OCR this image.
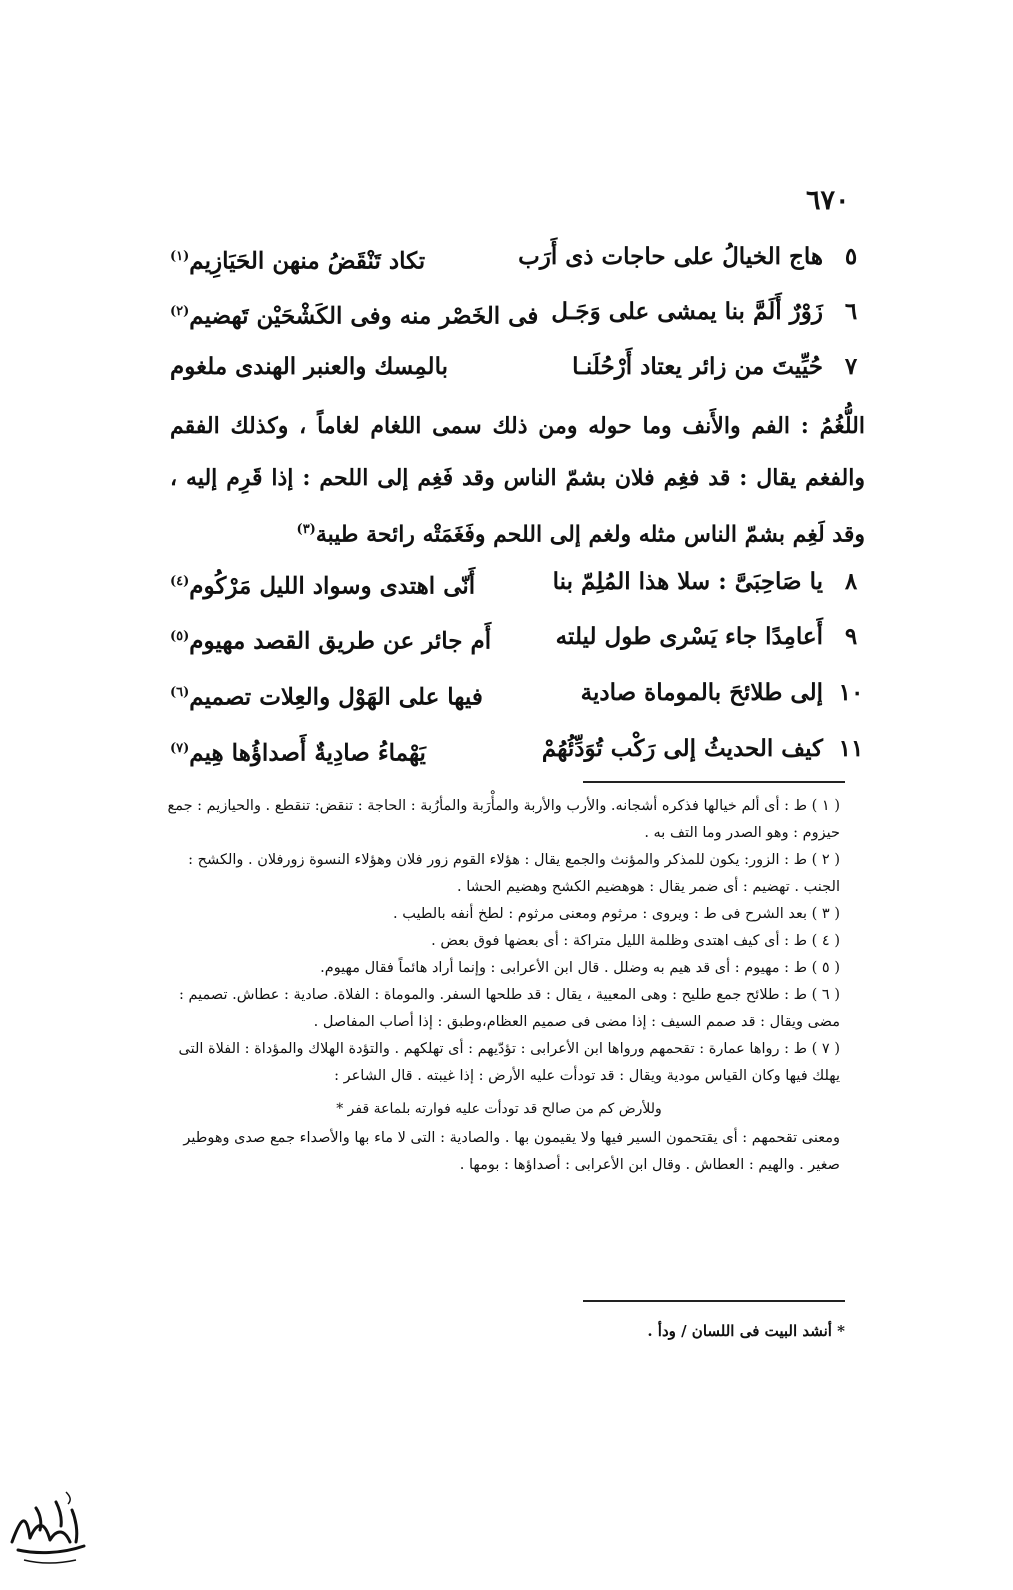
٦٧٠
٥
هاج الخيالُ على حاجات ذى أَرَب
تكاد تَنْقَضُ منهن الحَيَازِيم$^{(١)}$
٦
زَوْرٌ أَلَمَّ بنا يمشى على وَجَـل
فى الخَصْر منه وفى الكَشْحَيْن تَهضيم$^{(٢)}$
٧
حُيِّيتَ من زائر يعتاد أَرْحُلَنـا
بالمِسك والعنبر الهندى ملغوم
اللُّغُمُ : الفم والأَنف وما حوله ومن ذلك سمى اللغام لغاماً ، وكذلك الفقم والفغم يقال : قد فغِم فلان بشمّ الناس وقد فَغِم إلى اللحم : إذا قَرِم إليه ، وقد لَغِم بشمّ الناس مثله ولغم إلى اللحم وفَغَمَتْه رائحة طيبة$^{(٣)}$
٨
يا صَاحِبَىَّ : سلا هذا المُلِمّ بنا
أَنّى اهتدى وسواد الليل مَرْكُوم$^{(٤)}$
٩
أَعامِدًا جاء يَسْرى طول ليلته
أَم جائر عن طريق القصد مهيوم$^{(٥)}$
١٠
إلى طلائحَ بالموماة صادية
فيها على الهَوْل والعِلات تصميم$^{(٦)}$
١١
كيف الحديثُ إلى رَكْب تُوَدِّئُهُمْ
يَهْماءُ صادِيةٌ أَصداؤُها هِيم$^{(٧)}$

( ١ ) ط : أى ألم خيالها فذكره أشجانه. والأرب والأربة والمأْرَبة والمأرُبة : الحاجة : تنقض: تنقطع . والحيازيم : جمع حيزوم : وهو الصدر وما التف به .

( ٢ ) ط : الزور: يكون للمذكر والمؤنث والجمع يقال : هؤلاء القوم زور فلان وهؤلاء النسوة زورفلان . والكشح : الجنب . تهضيم : أى ضمر يقال : هوهضيم الكشح وهضيم الحشا .

( ٣ ) بعد الشرح فى ط : ويروى : مرثوم ومعنى مرثوم : لطخ أنفه بالطيب .

( ٤ ) ط : أى كيف اهتدى وظلمة الليل متراكة : أى بعضها فوق بعض .

( ٥ ) ط : مهيوم : أى قد هيم به وضلل . قال ابن الأعرابى : وإنما أراد هائماً فقال مهيوم.

( ٦ ) ط : طلائح جمع طليح : وهى المعيية ، يقال : قد طلحها السفر. والموماة : الفلاة. صادية : عطاش. تصميم : مضى ويقال : قد صمم السيف : إذا مضى فى صميم العظام،وطبق : إذا أصاب المفاصل .

( ٧ ) ط : رواها عمارة : تقحمهم ورواها ابن الأعرابى : تؤدّيهم : أى تهلكهم . والتؤدة الهلاك والمؤداة : الفلاة التى يهلك فيها وكان القياس مودية ويقال : قد تودأت عليه الأرض : إذا غيبته . قال الشاعر :

وللأرض كم من صالح قد تودأت عليه فوارته بلماعة قفر *

ومعنى تقحمهم : أى يقتحمون السير فيها ولا يقيمون بها . والصادية : التى لا ماء بها والأصداء جمع صدى وهوطير صغير . والهيم : العطاش . وقال ابن الأعرابى : أصداؤها : بومها .

* أنشد البيت فى اللسان / ودأ .
